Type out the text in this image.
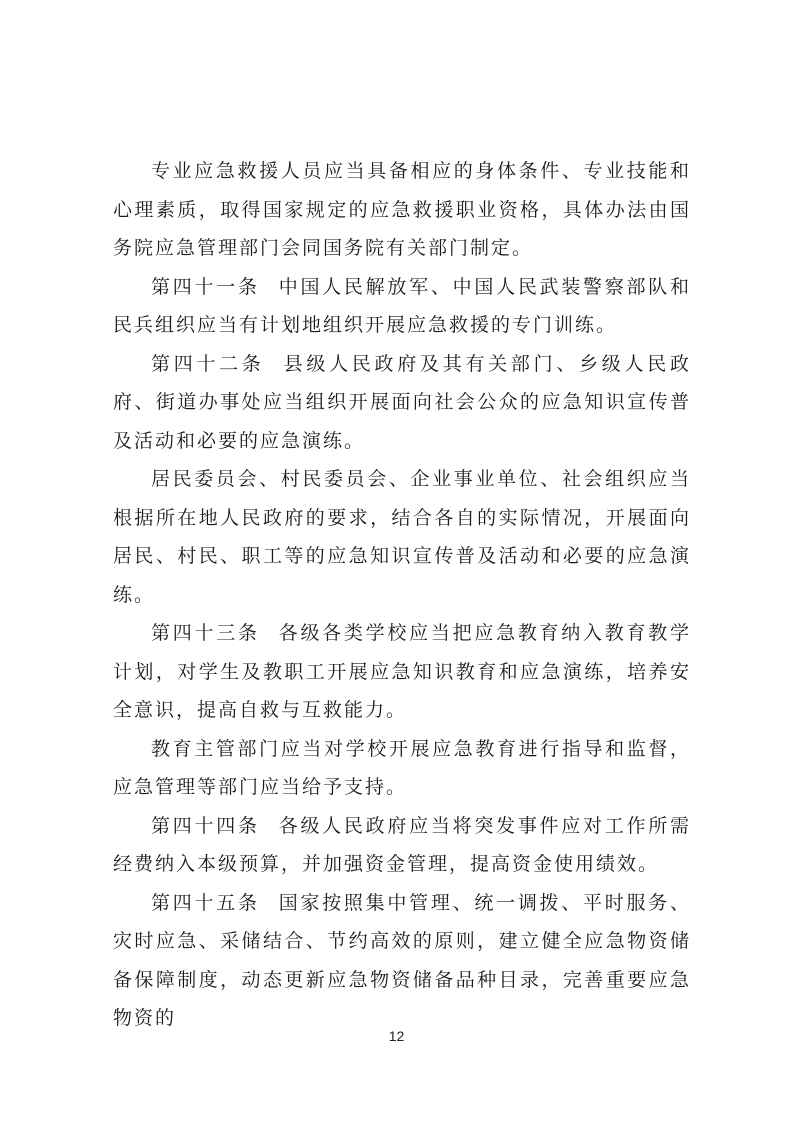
专业应急救援人员应当具备相应的身体条件、专业技能和心理素质，取得国家规定的应急救援职业资格，具体办法由国务院应急管理部门会同国务院有关部门制定。

第四十一条 中国人民解放军、中国人民武装警察部队和民兵组织应当有计划地组织开展应急救援的专门训练。

第四十二条 县级人民政府及其有关部门、乡级人民政府、街道办事处应当组织开展面向社会公众的应急知识宣传普及活动和必要的应急演练。

居民委员会、村民委员会、企业事业单位、社会组织应当根据所在地人民政府的要求，结合各自的实际情况，开展面向居民、村民、职工等的应急知识宣传普及活动和必要的应急演练。

第四十三条 各级各类学校应当把应急教育纳入教育教学计划，对学生及教职工开展应急知识教育和应急演练，培养安全意识，提高自救与互救能力。

教育主管部门应当对学校开展应急教育进行指导和监督，应急管理等部门应当给予支持。

第四十四条 各级人民政府应当将突发事件应对工作所需经费纳入本级预算，并加强资金管理，提高资金使用绩效。

第四十五条 国家按照集中管理、统一调拨、平时服务、灾时应急、采储结合、节约高效的原则，建立健全应急物资储备保障制度，动态更新应急物资储备品种目录，完善重要应急物资的

12
